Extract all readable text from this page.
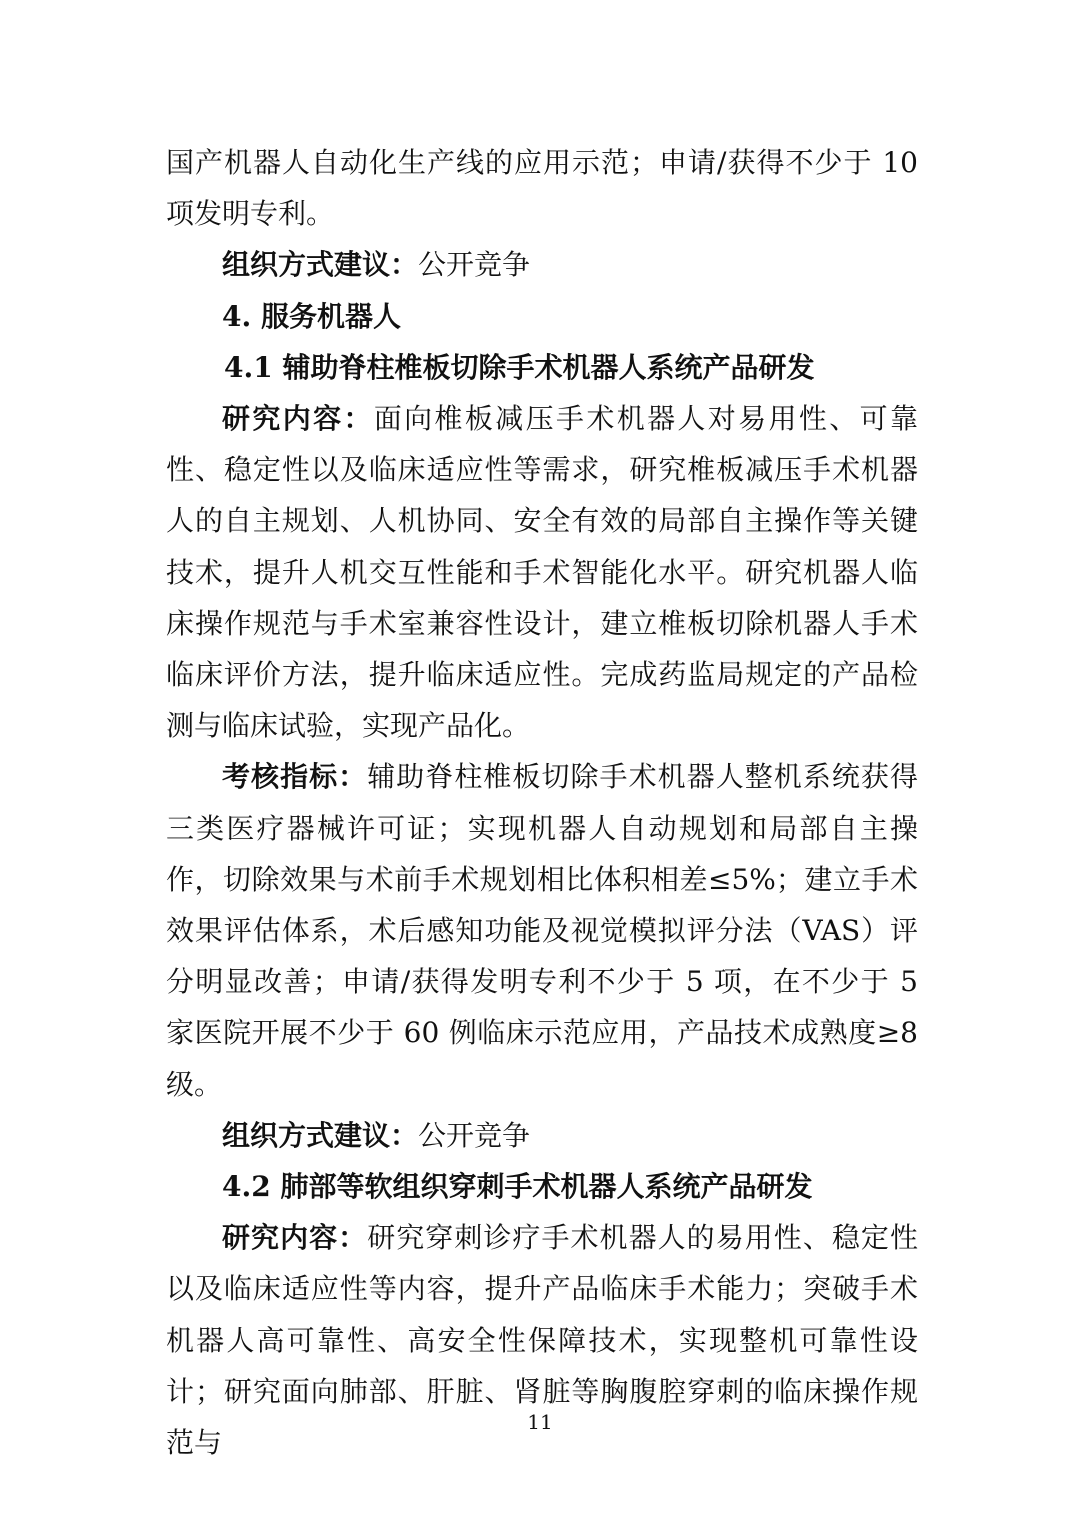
国产机器人自动化生产线的应用示范；申请/获得不少于 10 项发明专利。

组织方式建议：公开竞争

4. 服务机器人

4.1 辅助脊柱椎板切除手术机器人系统产品研发

研究内容：面向椎板减压手术机器人对易用性、可靠性、稳定性以及临床适应性等需求，研究椎板减压手术机器人的自主规划、人机协同、安全有效的局部自主操作等关键技术，提升人机交互性能和手术智能化水平。研究机器人临床操作规范与手术室兼容性设计，建立椎板切除机器人手术临床评价方法，提升临床适应性。完成药监局规定的产品检测与临床试验，实现产品化。

考核指标：辅助脊柱椎板切除手术机器人整机系统获得三类医疗器械许可证；实现机器人自动规划和局部自主操作，切除效果与术前手术规划相比体积相差≤5%；建立手术效果评估体系，术后感知功能及视觉模拟评分法（VAS）评分明显改善；申请/获得发明专利不少于 5 项，在不少于 5 家医院开展不少于 60 例临床示范应用，产品技术成熟度≥8 级。

组织方式建议：公开竞争

4.2 肺部等软组织穿刺手术机器人系统产品研发

研究内容：研究穿刺诊疗手术机器人的易用性、稳定性以及临床适应性等内容，提升产品临床手术能力；突破手术机器人高可靠性、高安全性保障技术，实现整机可靠性设计；研究面向肺部、肝脏、肾脏等胸腹腔穿刺的临床操作规范与

11
